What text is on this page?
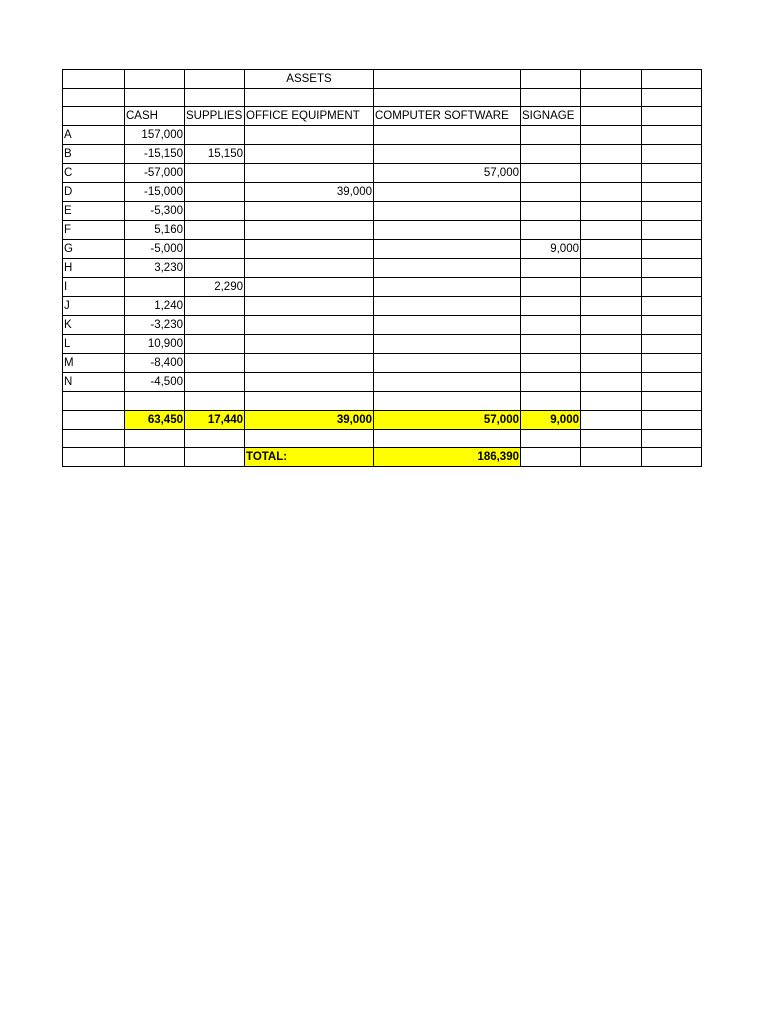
			ASSETS				

	CASH	SUPPLIES	OFFICE EQUIPMENT	COMPUTER SOFTWARE	SIGNAGE		
A	157,000						
B	-15,150	15,150					
C	-57,000			57,000			
D	-15,000		39,000				
E	-5,300						
F	5,160						
G	-5,000				9,000		
H	3,230						
I		2,290					
J	1,240						
K	-3,230						
L	10,900						
M	-8,400						
N	-4,500						

	63,450	17,440	39,000	57,000	9,000		

			TOTAL:	186,390			
